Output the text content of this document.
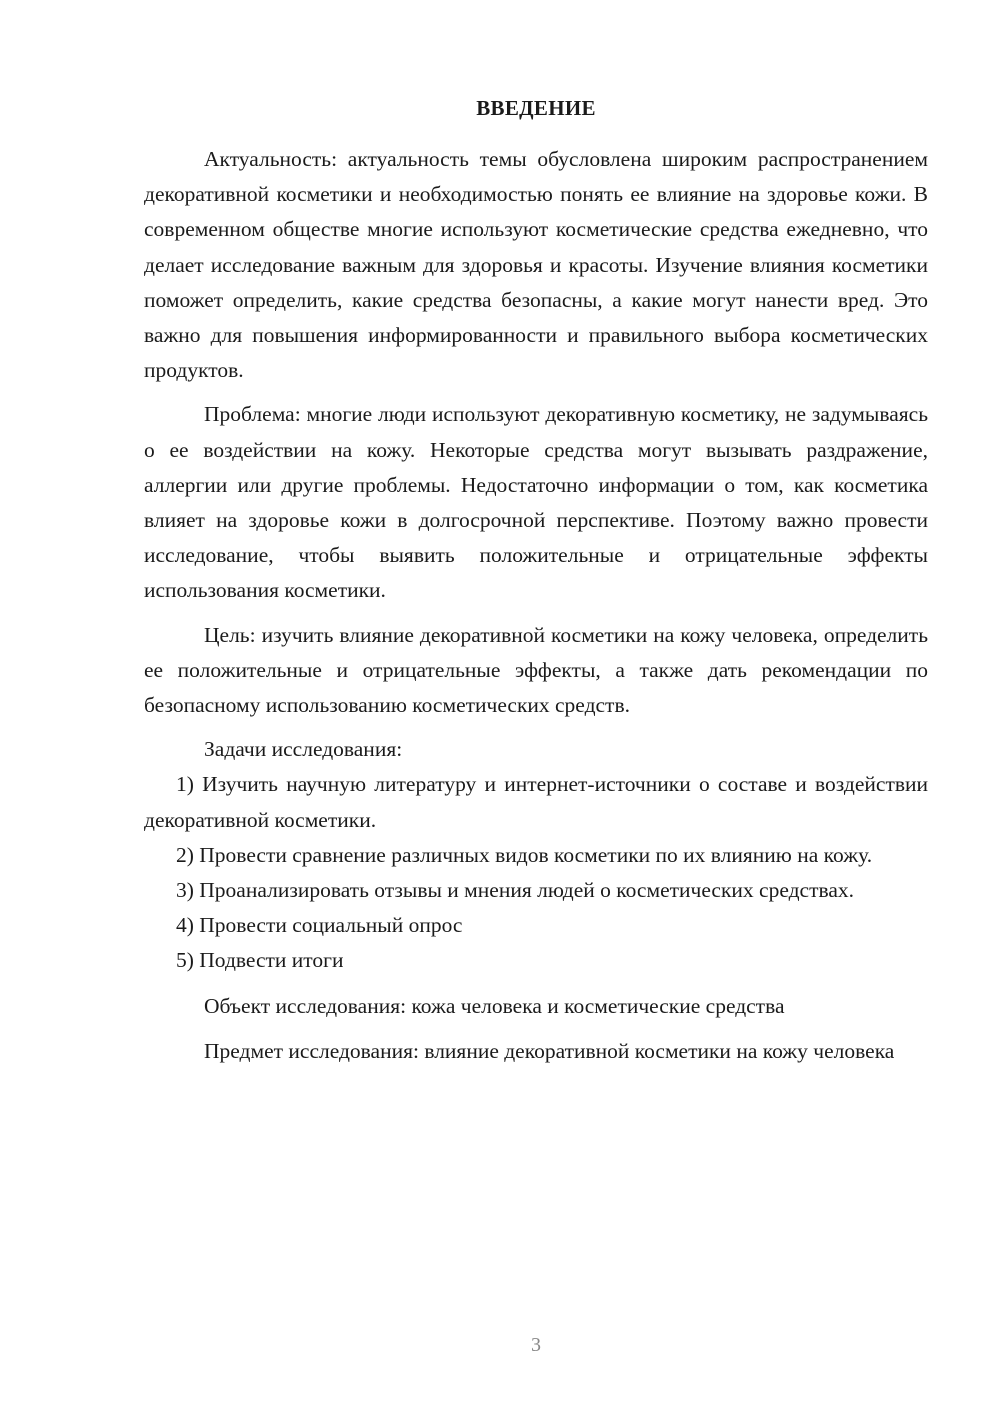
ВВЕДЕНИЕ

Актуальность: актуальность темы обусловлена широким распространением декоративной косметики и необходимостью понять ее влияние на здоровье кожи. В современном обществе многие используют косметические средства ежедневно, что делает исследование важным для здоровья и красоты. Изучение влияния косметики поможет определить, какие средства безопасны, а какие могут нанести вред. Это важно для повышения информированности и правильного выбора косметических продуктов.

Проблема: многие люди используют декоративную косметику, не задумываясь о ее воздействии на кожу. Некоторые средства могут вызывать раздражение, аллергии или другие проблемы. Недостаточно информации о том, как косметика влияет на здоровье кожи в долгосрочной перспективе. Поэтому важно провести исследование, чтобы выявить положительные и отрицательные эффекты использования косметики.

Цель: изучить влияние декоративной косметики на кожу человека, определить ее положительные и отрицательные эффекты, а также дать рекомендации по безопасному использованию косметических средств.

Задачи исследования:

1) Изучить научную литературу и интернет-источники о составе и воздействии декоративной косметики.

2) Провести сравнение различных видов косметики по их влиянию на кожу.

3) Проанализировать отзывы и мнения людей о косметических средствах.

4) Провести социальный опрос

5) Подвести итоги

Объект исследования: кожа человека и косметические средства

Предмет исследования: влияние декоративной косметики на кожу человека

3
